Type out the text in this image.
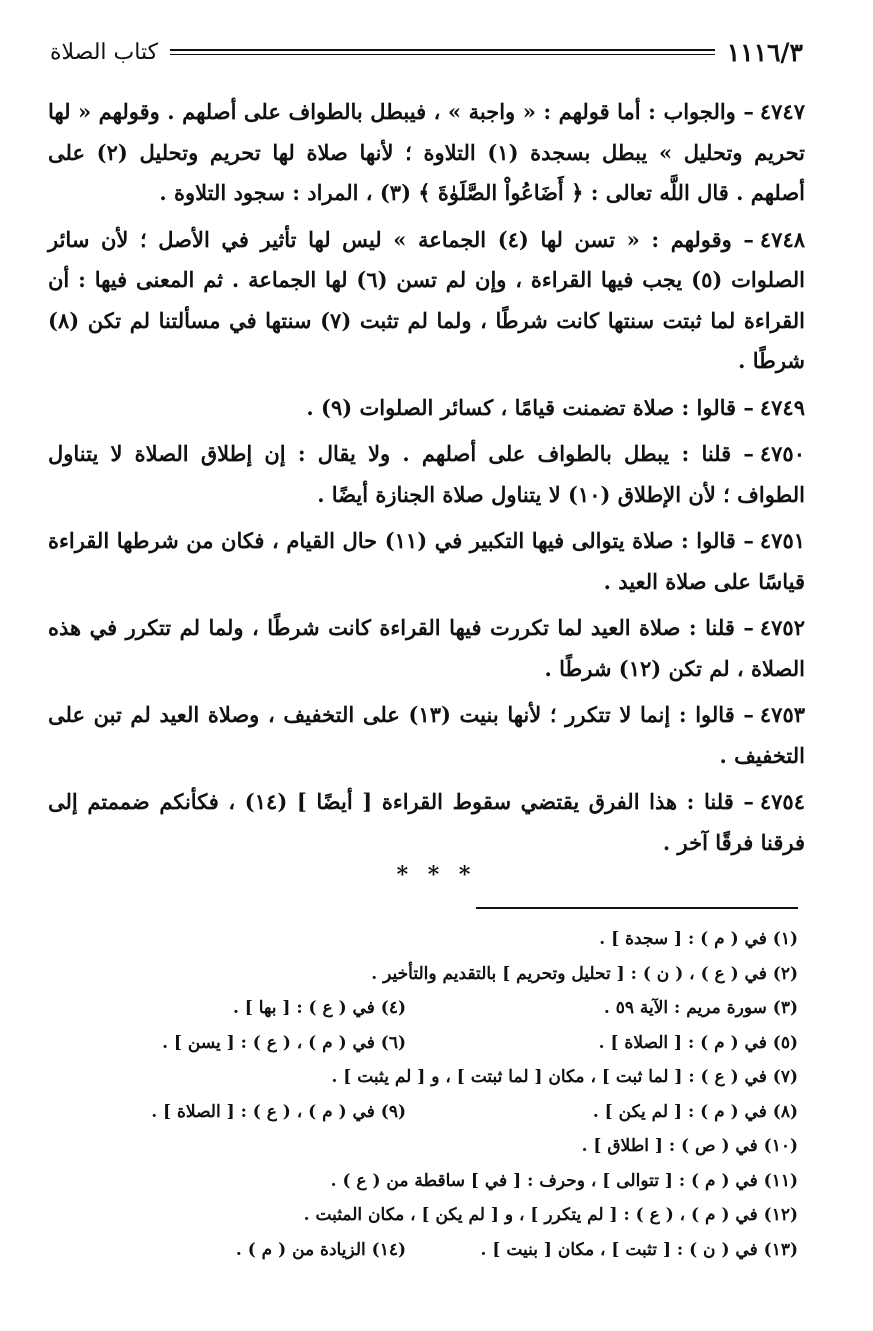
١١١٦/٣
كتاب الصلاة

٤٧٤٧– والجواب : أما قولهم : « واجبة » ، فيبطل بالطواف على أصلهم . وقولهم « لها تحريم وتحليل » يبطل بسجدة (١) التلاوة ؛ لأنها صلاة لها تحريم وتحليل (٢) على أصلهم . قال اللَّه تعالى : ﴿ أَضَاعُواْ الصَّلَوٰةَ ﴾ (٣) ، المراد : سجود التلاوة .

٤٧٤٨– وقولهم : « تسن لها (٤) الجماعة » ليس لها تأثير في الأصل ؛ لأن سائر الصلوات (٥) يجب فيها القراءة ، وإن لم تسن (٦) لها الجماعة . ثم المعنى فيها : أن القراءة لما ثبتت سنتها كانت شرطًا ، ولما لم تثبت (٧) سنتها في مسألتنا لم تكن (٨) شرطًا .

٤٧٤٩– قالوا : صلاة تضمنت قيامًا ، كسائر الصلوات (٩) .

٤٧٥٠– قلنا : يبطل بالطواف على أصلهم . ولا يقال : إن إطلاق الصلاة لا يتناول الطواف ؛ لأن الإطلاق (١٠) لا يتناول صلاة الجنازة أيضًا .

٤٧٥١– قالوا : صلاة يتوالى فيها التكبير في (١١) حال القيام ، فكان من شرطها القراءة قياسًا على صلاة العيد .

٤٧٥٢– قلنا : صلاة العيد لما تكررت فيها القراءة كانت شرطًا ، ولما لم تتكرر في هذه الصلاة ، لم تكن (١٢) شرطًا .

٤٧٥٣– قالوا : إنما لا تتكرر ؛ لأنها بنيت (١٣) على التخفيف ، وصلاة العيد لم تبن على التخفيف .

٤٧٥٤– قلنا : هذا الفرق يقتضي سقوط القراءة [ أيضًا ] (١٤) ، فكأنكم ضممتم إلى فرقنا فرقًا آخر .

* * *
(١) في ( م ) : [ سجدة ] .
(٢) في ( ع ) ، ( ن ) : [ تحليل وتحريم ] بالتقديم والتأخير .
(٣) سورة مريم : الآية ٥٩ .
(٤) في ( ع ) : [ بها ] .
(٥) في ( م ) : [ الصلاة ] .
(٦) في ( م ) ، ( ع ) : [ يسن ] .
(٧) في ( ع ) : [ لما ثبت ] ، مكان [ لما ثبتت ] ، و [ لم يثبت ] .
(٨) في ( م ) : [ لم يكن ] .
(٩) في ( م ) ، ( ع ) : [ الصلاة ] .
(١٠) في ( ص ) : [ اطلاق ] .
(١١) في ( م ) : [ تتوالى ] ، وحرف : [ في ] ساقطة من ( ع ) .
(١٢) في ( م ) ، ( ع ) : [ لم يتكرر ] ، و [ لم يكن ] ، مكان المثبت .
(١٣) في ( ن ) : [ تثبت ] ، مكان [ بنيت ] .
(١٤) الزيادة من ( م ) .
